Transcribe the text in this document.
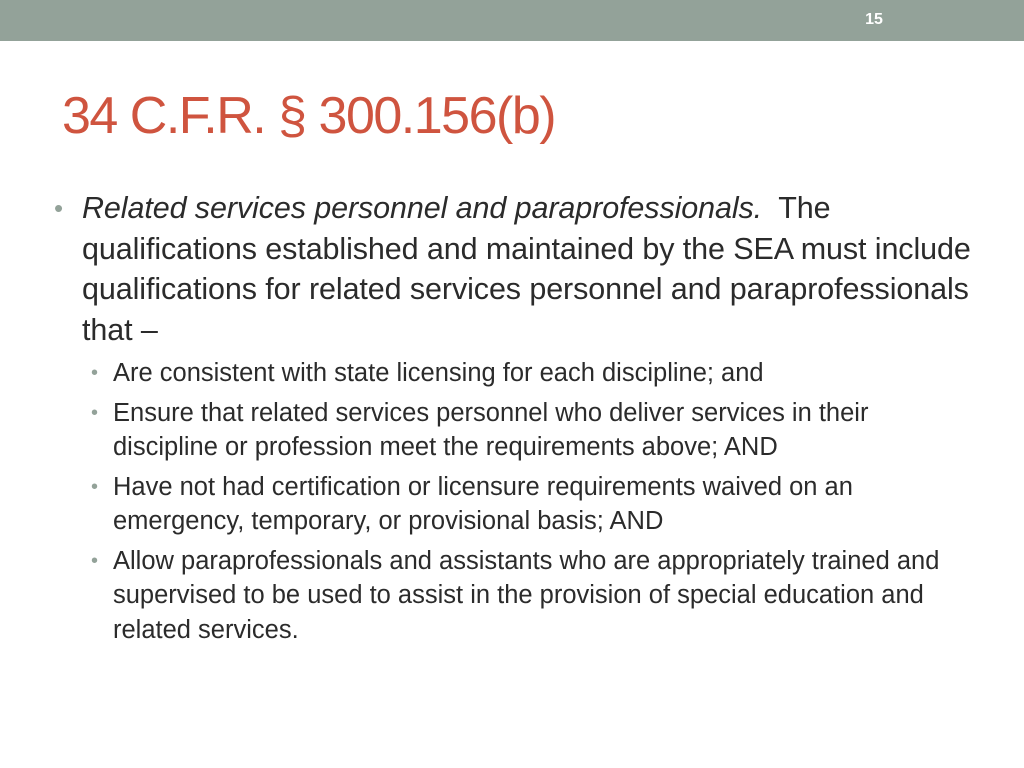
15
34 C.F.R. § 300.156(b)
• Related services personnel and paraprofessionals. The qualifications established and maintained by the SEA must include qualifications for related services personnel and paraprofessionals that –
• Are consistent with state licensing for each discipline; and
• Ensure that related services personnel who deliver services in their discipline or profession meet the requirements above; AND
• Have not had certification or licensure requirements waived on an emergency, temporary, or provisional basis; AND
• Allow paraprofessionals and assistants who are appropriately trained and supervised to be used to assist in the provision of special education and related services.
